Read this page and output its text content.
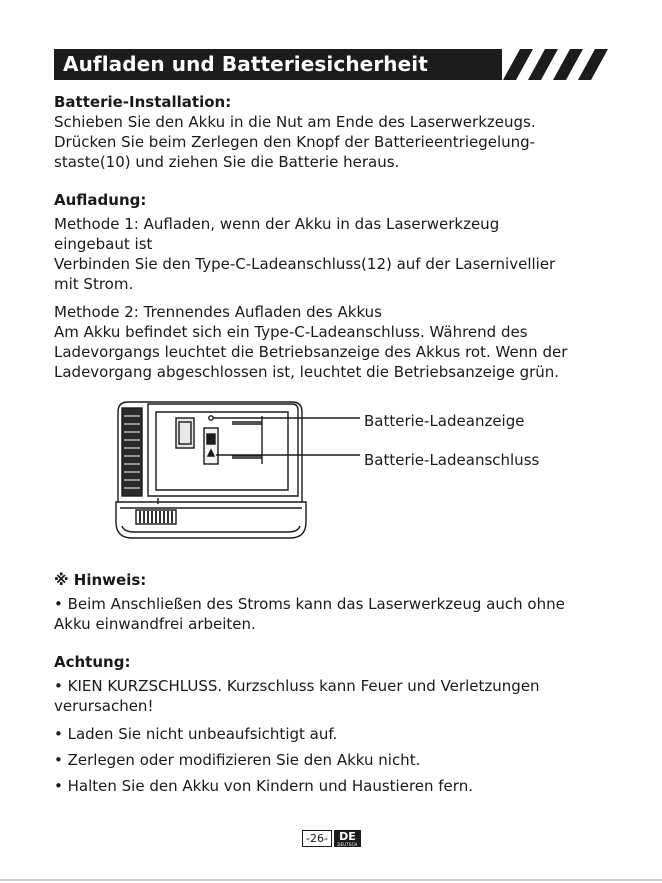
Aufladen und Batteriesicherheit

Batterie-Installation:

Schieben Sie den Akku in die Nut am Ende des Laserwerkzeugs.

Drücken Sie beim Zerlegen den Knopf der Batterieentriegelung-

staste(10) und ziehen Sie die Batterie heraus.

Aufladung:

Methode 1: Aufladen, wenn der Akku in das Laserwerkzeug

eingebaut ist

Verbinden Sie den Type-C-Ladeanschluss(12) auf der Lasernivellier

mit Strom.

Methode 2: Trennendes Aufladen des Akkus

Am Akku befindet sich ein Type-C-Ladeanschluss. Während des

Ladevorgangs leuchtet die Betriebsanzeige des Akkus rot. Wenn der

Ladevorgang abgeschlossen ist, leuchtet die Betriebsanzeige grün.

Batterie-Ladeanzeige
Batterie-Ladeanschluss

※ Hinweis:

• Beim Anschließen des Stroms kann das Laserwerkzeug auch ohne

Akku einwandfrei arbeiten.

Achtung:

• KIEN KURZSCHLUSS. Kurzschluss kann Feuer und Verletzungen

verursachen!

• Laden Sie nicht unbeaufsichtigt auf.

• Zerlegen oder modifizieren Sie den Akku nicht.

• Halten Sie den Akku von Kindern und Haustieren fern.

-26-	DE
DEUTSCH
